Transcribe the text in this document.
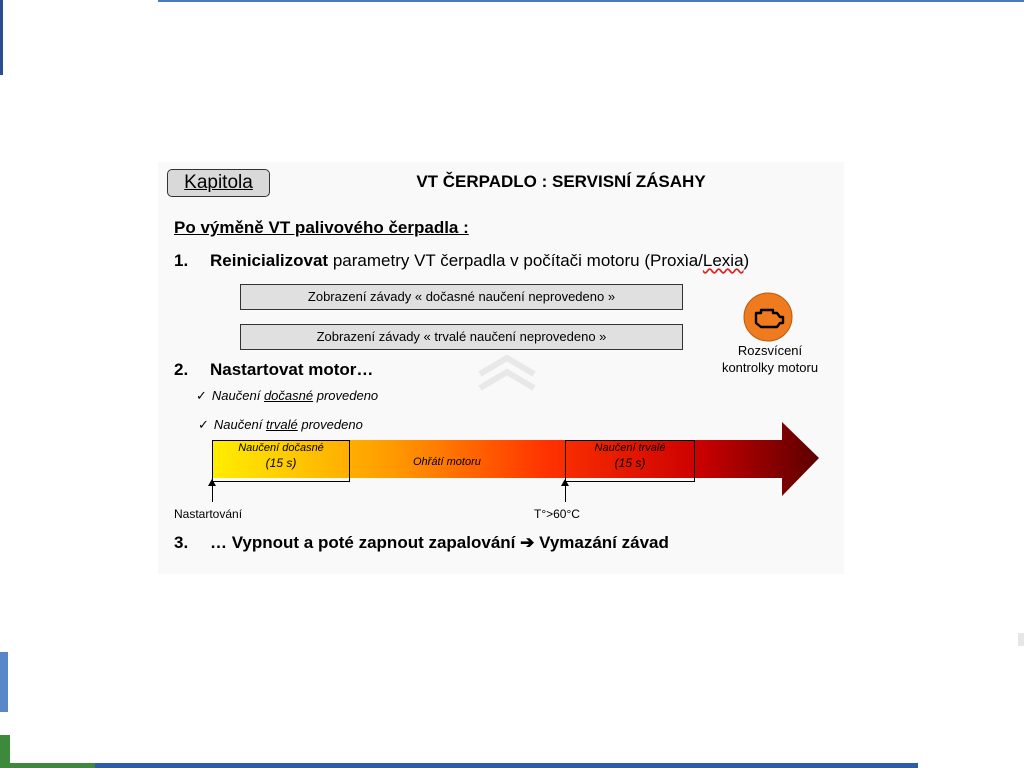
Kapitola	VT ČERPADLO : SERVISNÍ ZÁSAHY
Po výměně VT palivového čerpadla :
1. Reinicializovat parametry VT čerpadla v počítači motoru (Proxia/Lexia)
Zobrazení závady « dočasné naučení neprovedeno »
Zobrazení závady « trvalé naučení neprovedeno »
Rozsvícení
kontrolky motoru
2. Nastartovat motor…
✓ Naučení dočasné provedeno
✓ Naučení trvalé provedeno
Naučení dočasné
(15 s)	Ohřátí motoru
Naučení trvalé
(15 s)
Nastartování	T°>60°C
3. … Vypnout a poté zapnout zapalování ➔ Vymazání závad
